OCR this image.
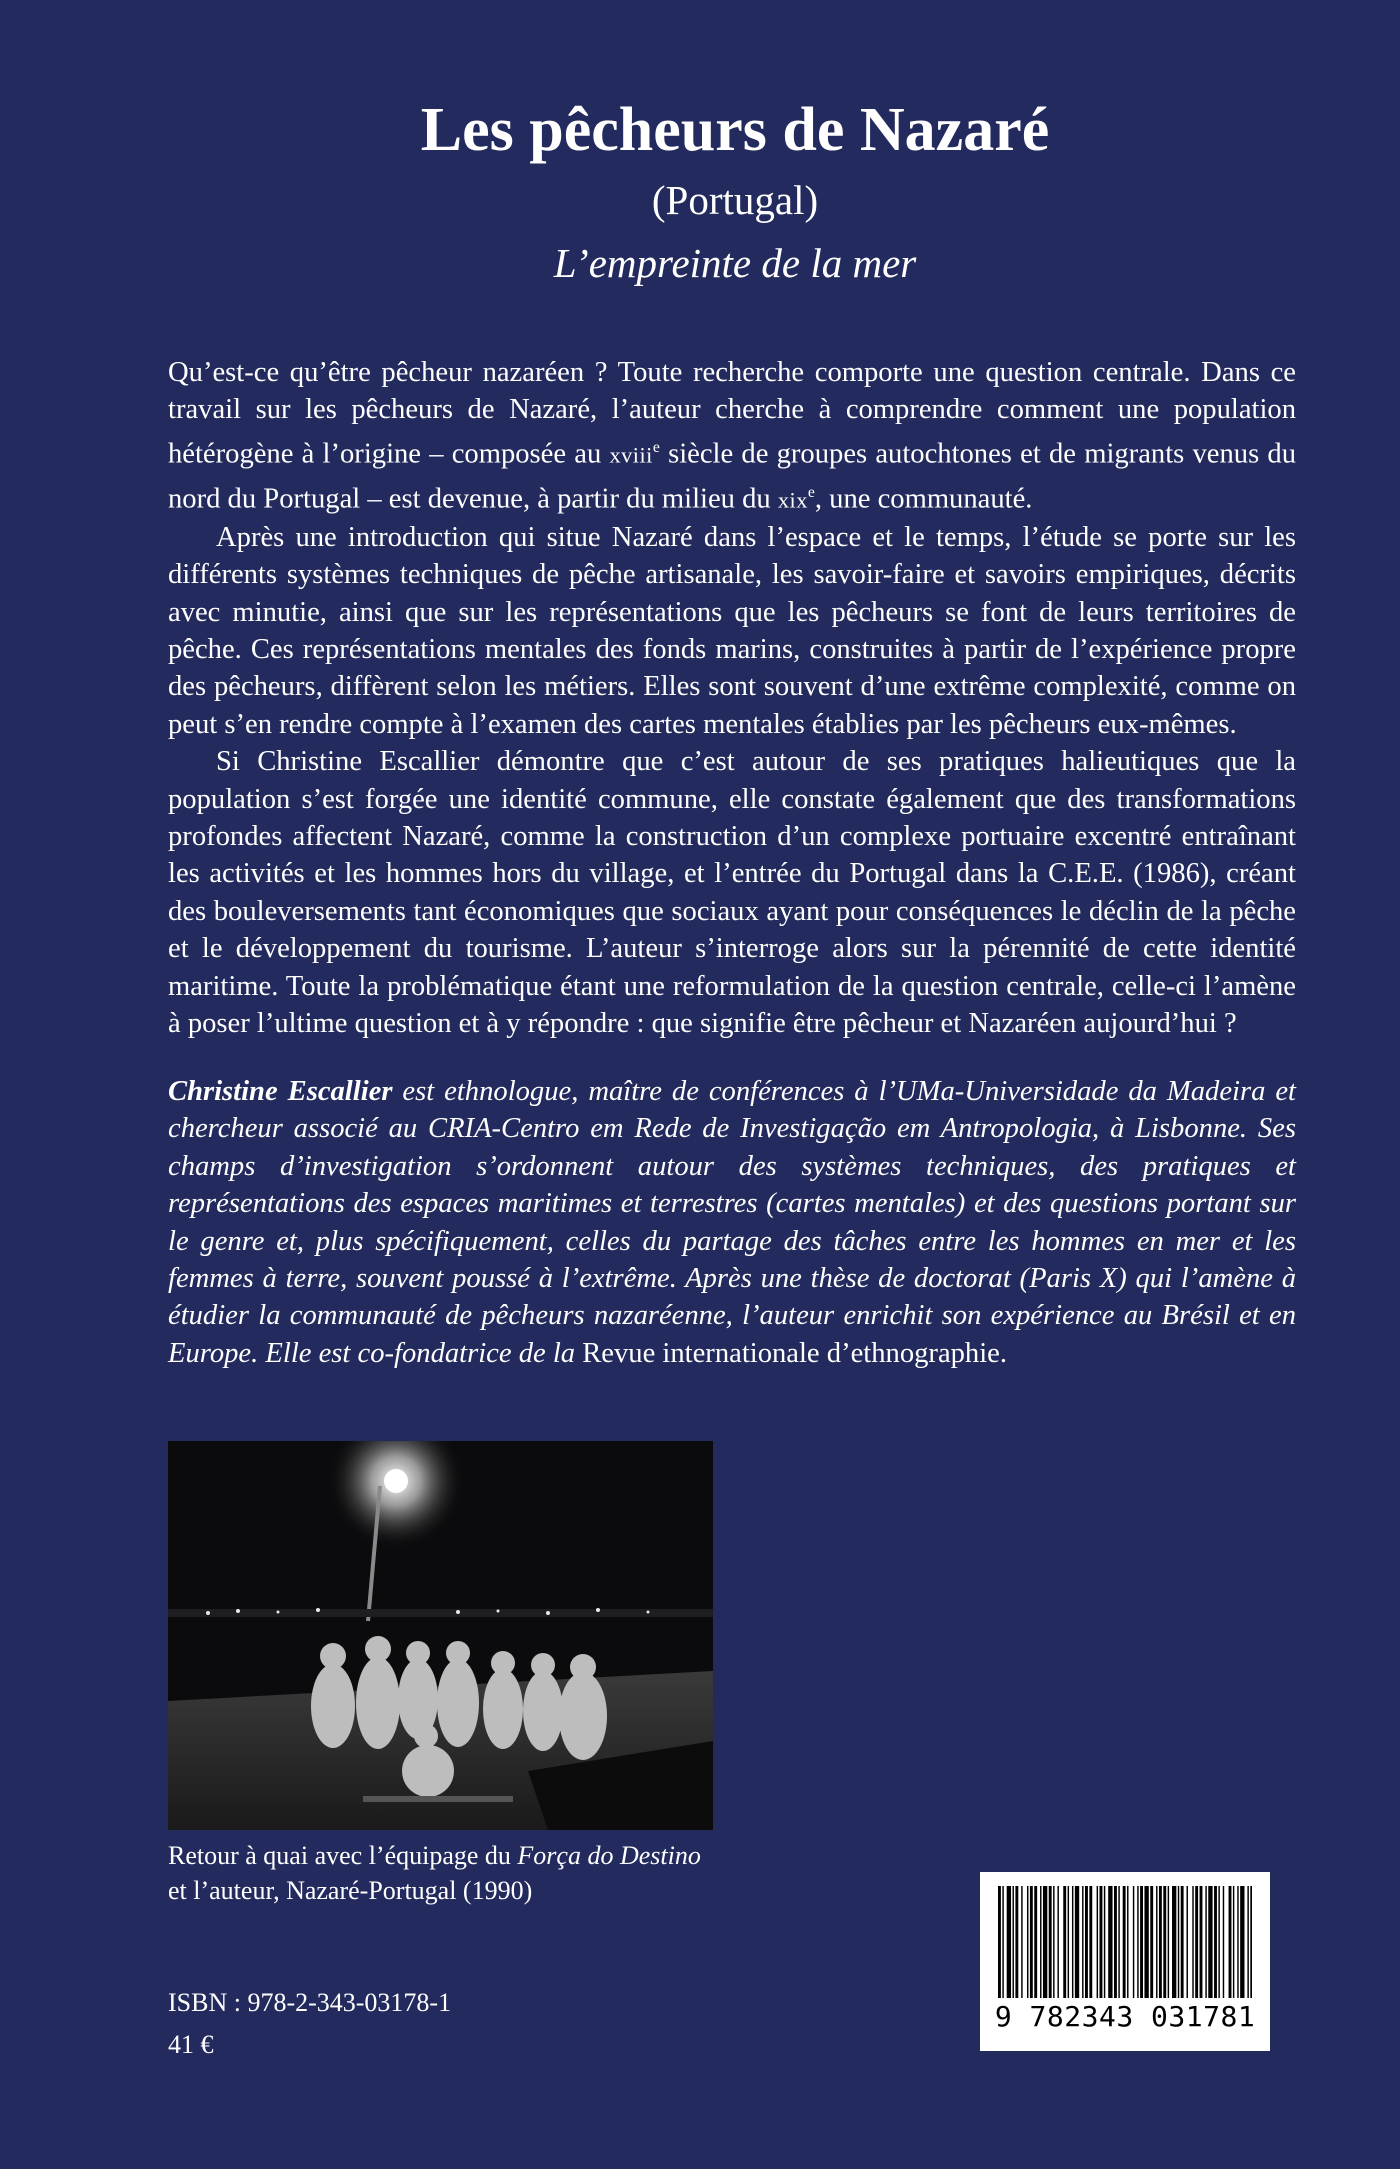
Les pêcheurs de Nazaré
(Portugal)
L’empreinte de la mer

Qu’est-ce qu’être pêcheur nazaréen ? Toute recherche comporte une question centrale. Dans ce travail sur les pêcheurs de Nazaré, l’auteur cherche à comprendre comment une population hétérogène à l’origine – composée au xviii$^e$ siècle de groupes autochtones et de migrants venus du nord du Portugal – est devenue, à partir du milieu du xix$^e$, une communauté.

Après une introduction qui situe Nazaré dans l’espace et le temps, l’étude se porte sur les différents systèmes techniques de pêche artisanale, les savoir-faire et savoirs empiriques, décrits avec minutie, ainsi que sur les représentations que les pêcheurs se font de leurs territoires de pêche. Ces représentations mentales des fonds marins, construites à partir de l’expérience propre des pêcheurs, diffèrent selon les métiers. Elles sont souvent d’une extrême complexité, comme on peut s’en rendre compte à l’examen des cartes mentales établies par les pêcheurs eux-mêmes.

Si Christine Escallier démontre que c’est autour de ses pratiques halieutiques que la population s’est forgée une identité commune, elle constate également que des transformations profondes affectent Nazaré, comme la construction d’un complexe portuaire excentré entraînant les activités et les hommes hors du village, et l’entrée du Portugal dans la C.E.E. (1986), créant des bouleversements tant économiques que sociaux ayant pour conséquences le déclin de la pêche et le développement du tourisme. L’auteur s’interroge alors sur la pérennité de cette identité maritime. Toute la problématique étant une reformulation de la question centrale, celle-ci l’amène à poser l’ultime question et à y répondre : que signifie être pêcheur et Nazaréen aujourd’hui ?

Christine Escallier est ethnologue, maître de conférences à l’UMa-Universidade da Madeira et chercheur associé au CRIA-Centro em Rede de Investigação em Antropologia, à Lisbonne. Ses champs d’investigation s’ordonnent autour des systèmes techniques, des pratiques et représentations des espaces maritimes et terrestres (cartes mentales) et des questions portant sur le genre et, plus spécifiquement, celles du partage des tâches entre les hommes en mer et les femmes à terre, souvent poussé à l’extrême. Après une thèse de doctorat (Paris X) qui l’amène à étudier la communauté de pêcheurs nazaréenne, l’auteur enrichit son expérience au Brésil et en Europe. Elle est co-fondatrice de la Revue internationale d’ethnographie.

Retour à quai avec l’équipage du Força do Destino
et l’auteur, Nazaré-Portugal (1990)
ISBN : 978-2-343-03178-1
41 €
9 782343 031781
